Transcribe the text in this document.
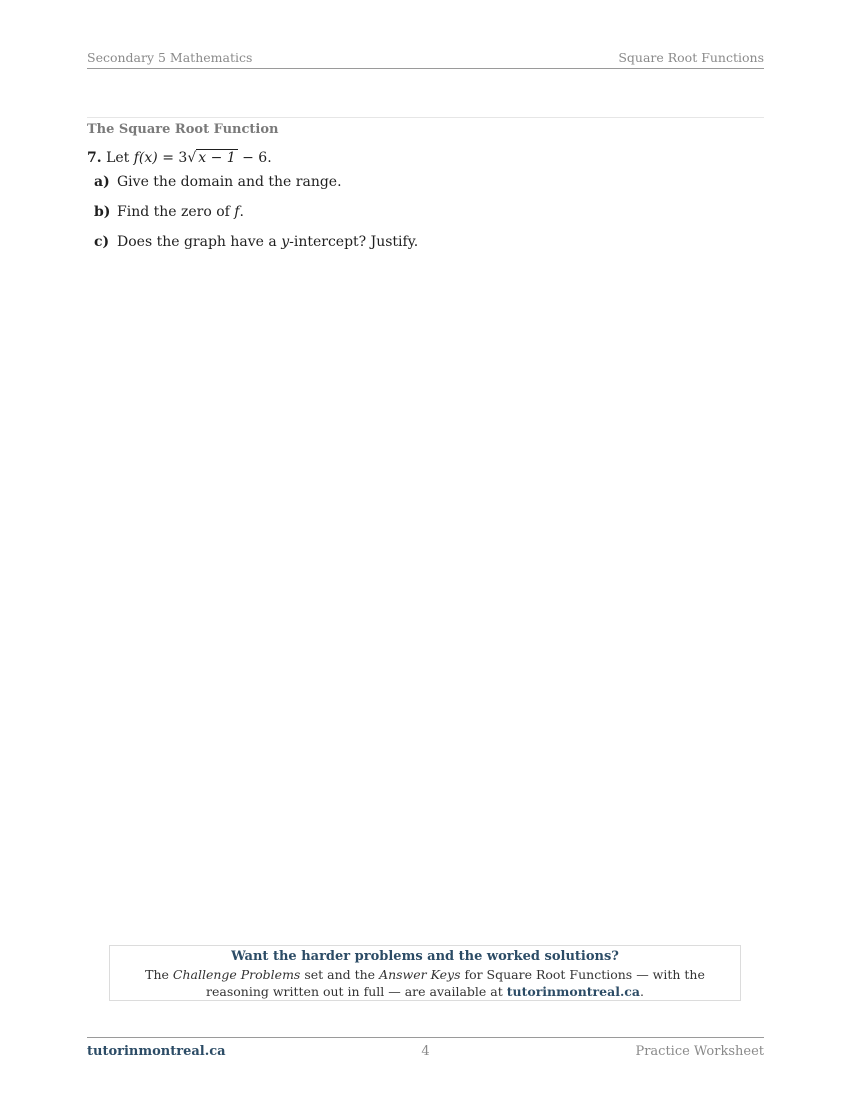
Secondary 5 Mathematics	Square Root Functions
The Square Root Function
7. Let f(x) = 3√ x − 1 − 6.
a) Give the domain and the range.
b) Find the zero of f.
c) Does the graph have a y-intercept? Justify.
Want the harder problems and the worked solutions?
The Challenge Problems set and the Answer Keys for Square Root Functions — with the reasoning written out in full — are available at tutorinmontreal.ca.
tutorinmontreal.ca	4	Practice Worksheet
